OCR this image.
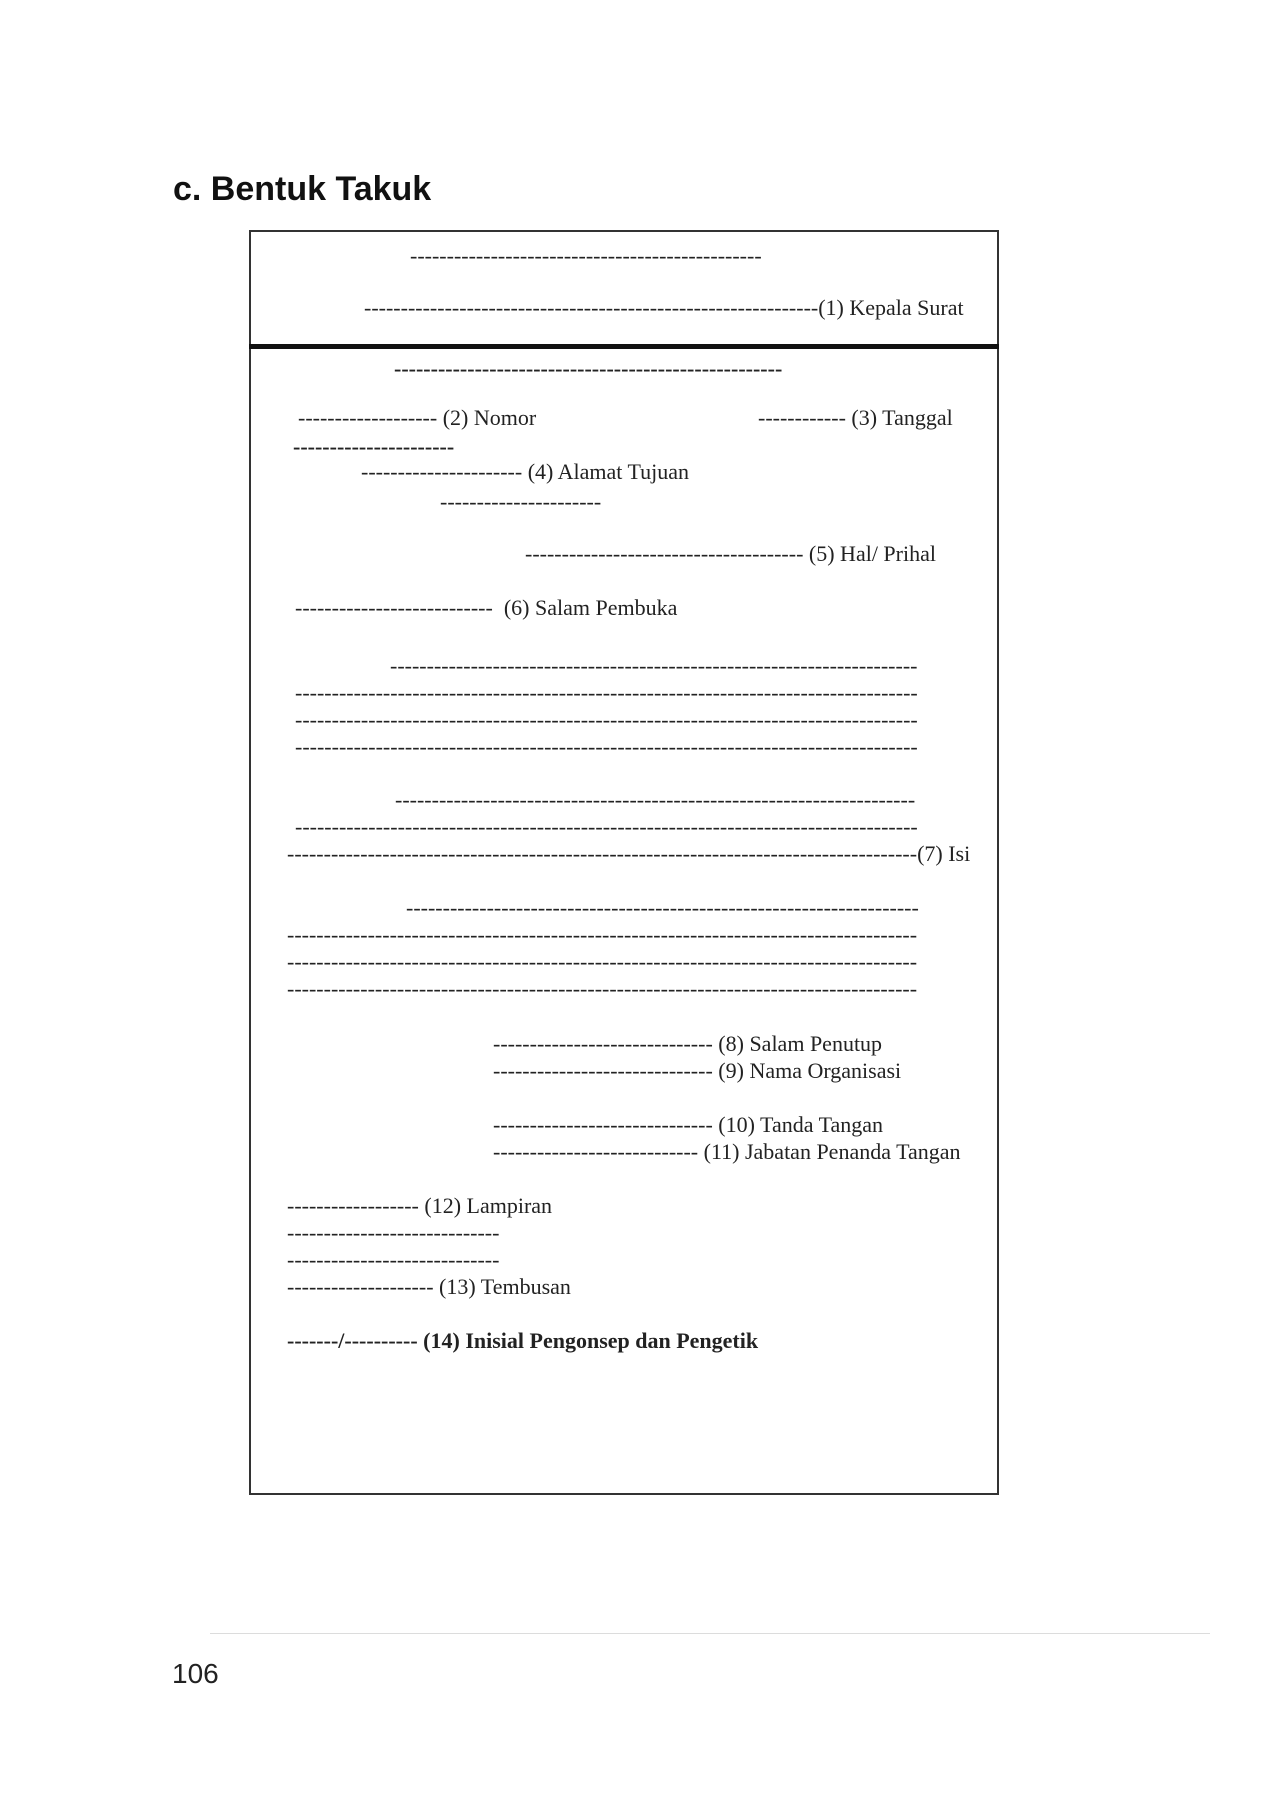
c. Bentuk Takuk
------------------------------------------------
--------------------------------------------------------------(1) Kepala Surat
-----------------------------------------------------
------------------- (2) Nomor	------------ (3) Tanggal
----------------------
---------------------- (4) Alamat Tujuan
----------------------
-------------------------------------- (5) Hal/ Prihal
--------------------------- (6) Salam Pembuka
------------------------------------------------------------------------
-------------------------------------------------------------------------------------
-------------------------------------------------------------------------------------
-------------------------------------------------------------------------------------
-----------------------------------------------------------------------
-------------------------------------------------------------------------------------
--------------------------------------------------------------------------------------(7) Isi
----------------------------------------------------------------------
--------------------------------------------------------------------------------------
--------------------------------------------------------------------------------------
--------------------------------------------------------------------------------------
------------------------------ (8) Salam Penutup
------------------------------ (9) Nama Organisasi
------------------------------ (10) Tanda Tangan
---------------------------- (11) Jabatan Penanda Tangan
------------------ (12) Lampiran
-----------------------------
-----------------------------
-------------------- (13) Tembusan
-------/---------- (14) Inisial Pengonsep dan Pengetik
106
